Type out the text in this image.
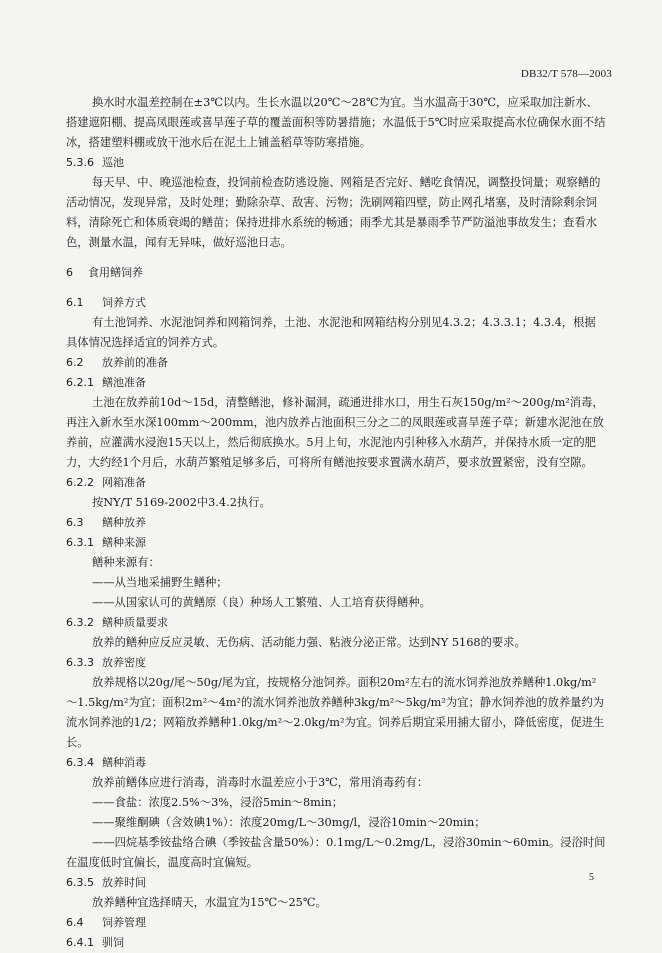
DB32/T 578—2003

换水时水温差控制在±3℃以内。生长水温以20℃～28℃为宜。当水温高于30℃，应采取加注新水、搭建遮阳棚、提高凤眼莲或喜旱莲子草的覆盖面积等防暑措施；水温低于5℃时应采取提高水位确保水面不结冰，搭建塑料棚或放干池水后在泥土上铺盖稻草等防寒措施。

5.3.6 巡池

每天早、中、晚巡池检查，投饲前检查防逃设施、网箱是否完好、鳝吃食情况，调整投饲量；观察鳝的活动情况，发现异常，及时处理；勤除杂草、敌害、污物；洗刷网箱四壁，防止网孔堵塞，及时清除剩余饲料，清除死亡和体质衰竭的鳝苗；保持进排水系统的畅通；雨季尤其是暴雨季节严防溢池事故发生；查看水色，测量水温，闻有无异味，做好巡池日志。

6 食用鳝饲养
6.1 饲养方式

有土池饲养、水泥池饲养和网箱饲养，土池、水泥池和网箱结构分别见4.3.2；4.3.3.1；4.3.4，根据具体情况选择适宜的饲养方式。

6.2 放养前的准备
6.2.1 鳝池准备

土池在放养前10d～15d，清整鳝池，修补漏洞，疏通进排水口，用生石灰150g/m²～200g/m²消毒，再注入新水至水深100mm～200mm，池内放养占池面积三分之二的凤眼莲或喜旱莲子草；新建水泥池在放养前，应灌满水浸泡15天以上，然后彻底换水。5月上旬，水泥池内引种移入水葫芦，并保持水质一定的肥力，大约经1个月后，水葫芦繁殖足够多后，可将所有鳝池按要求置满水葫芦，要求放置紧密，没有空隙。

6.2.2 网箱准备

按NY/T 5169-2002中3.4.2执行。

6.3 鳝种放养
6.3.1 鳝种来源

鳝种来源有：

——从当地采捕野生鳝种；

——从国家认可的黄鳝原（良）种场人工繁殖、人工培育获得鳝种。

6.3.2 鳝种质量要求

放养的鳝种应反应灵敏、无伤病、活动能力强、粘液分泌正常。达到NY 5168的要求。

6.3.3 放养密度

放养规格以20g/尾～50g/尾为宜，按规格分池饲养。面积20m²左右的流水饲养池放养鳝种1.0kg/m²～1.5kg/m²为宜；面积2m²～4m²的流水饲养池放养鳝种3kg/m²～5kg/m²为宜；静水饲养池的放养量约为流水饲养池的1/2；网箱放养鳝种1.0kg/m²～2.0kg/m²为宜。饲养后期宜采用捕大留小，降低密度，促进生长。

6.3.4 鳝种消毒

放养前鳝体应进行消毒，消毒时水温差应小于3℃，常用消毒药有：

——食盐：浓度2.5%～3%，浸浴5min～8min；

——聚维酮碘（含效碘1%）：浓度20mg/L～30mg/l，浸浴10min～20min；

——四烷基季铵盐络合碘（季铵盐含量50%）：0.1mg/L～0.2mg/L，浸浴30min～60min。浸浴时间在温度低时宜偏长，温度高时宜偏短。

6.3.5 放养时间

放养鳝种宜选择晴天，水温宜为15℃～25℃。

6.4 饲养管理
6.4.1 驯饲
5
